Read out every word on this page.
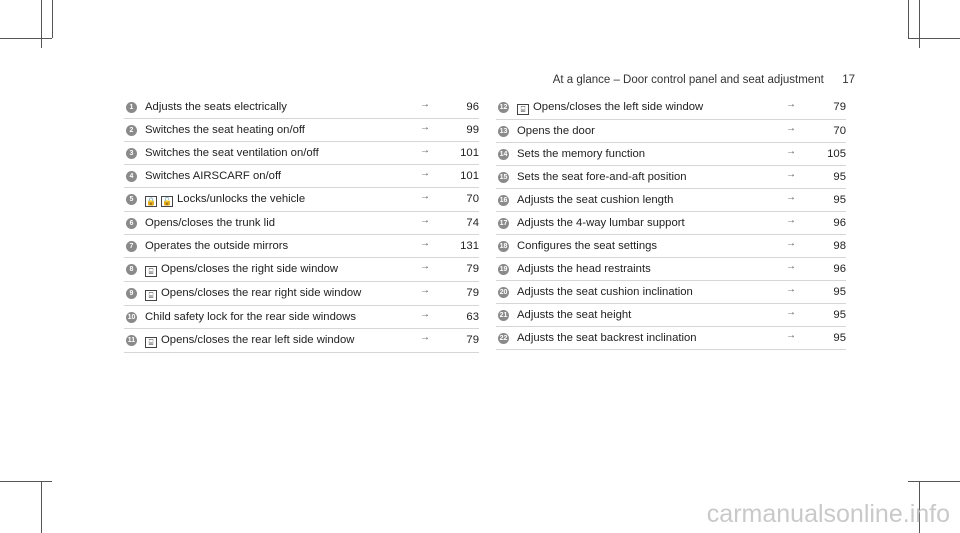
At a glance – Door control panel and seat adjustment 17
1	Adjusts the seats electrically	→	96
2	Switches the seat heating on/off	→	99
3	Switches the seat ventilation on/off	→	101
4	Switches AIRSCARF on/off	→	101
5	🔒 🔓 Locks/unlocks the vehicle	→	70
6	Opens/closes the trunk lid	→	74
7	Operates the outside mirrors	→	131
8	⌸ Opens/closes the right side window	→	79
9	⌸ Opens/closes the rear right side window	→	79
10 Child safety lock for the rear side windows	→	63
11	⌸ Opens/closes the rear left side window	→	79
12	⌸ Opens/closes the left side window	→	79
13 Opens the door	→	70
14 Sets the memory function	→	105
15 Sets the seat fore-and-aft position	→	95
16 Adjusts the seat cushion length	→	95
17 Adjusts the 4-way lumbar support	→	96
18 Configures the seat settings	→	98
19 Adjusts the head restraints	→	96
20 Adjusts the seat cushion inclination	→	95
21 Adjusts the seat height	→	95
22 Adjusts the seat backrest inclination	→	95
carmanualsonline.info
